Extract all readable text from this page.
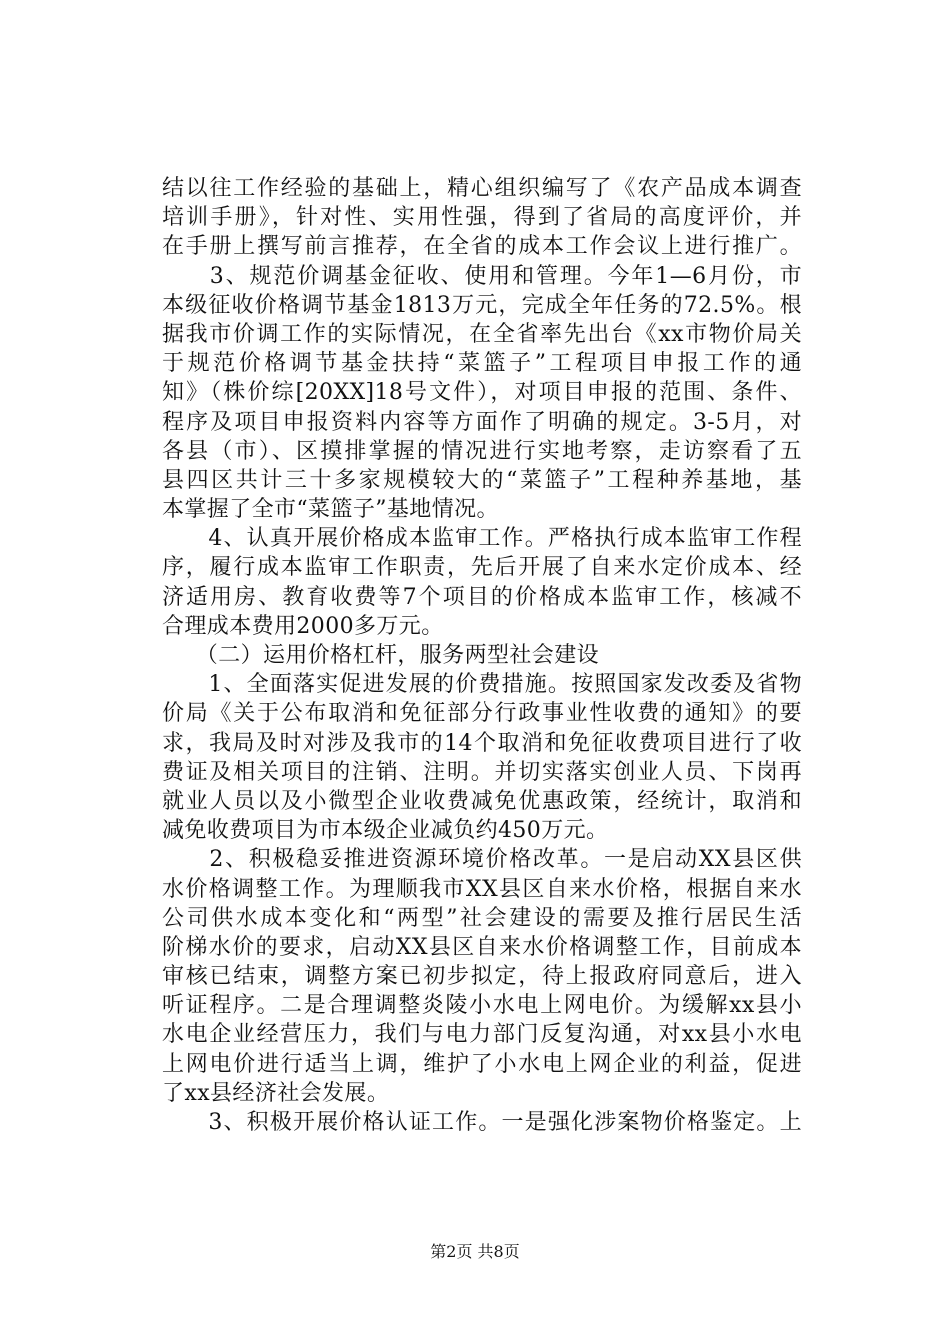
结以往工作经验的基础上，精心组织编写了《农产品成本调查
培训手册》，针对性、实用性强，得到了省局的高度评价，并
在手册上撰写前言推荐，在全省的成本工作会议上进行推广。
　　3、规范价调基金征收、使用和管理。今年1—6月份，市
本级征收价格调节基金1813万元，完成全年任务的72.5%。根
据我市价调工作的实际情况，在全省率先出台《xx市物价局关
于规范价格调节基金扶持“菜篮子”工程项目申报工作的通
知》（株价综[20XX]18号文件），对项目申报的范围、条件、
程序及项目申报资料内容等方面作了明确的规定。3-5月，对
各县（市）、区摸排掌握的情况进行实地考察，走访察看了五
县四区共计三十多家规模较大的“菜篮子”工程种养基地，基
本掌握了全市“菜篮子”基地情况。
　　4、认真开展价格成本监审工作。严格执行成本监审工作程
序，履行成本监审工作职责，先后开展了自来水定价成本、经
济适用房、教育收费等7个项目的价格成本监审工作，核减不
合理成本费用2000多万元。
　　（二）运用价格杠杆，服务两型社会建设
　　1、全面落实促进发展的价费措施。按照国家发改委及省物
价局《关于公布取消和免征部分行政事业性收费的通知》的要
求，我局及时对涉及我市的14个取消和免征收费项目进行了收
费证及相关项目的注销、注明。并切实落实创业人员、下岗再
就业人员以及小微型企业收费减免优惠政策，经统计，取消和
减免收费项目为市本级企业减负约450万元。
　　2、积极稳妥推进资源环境价格改革。一是启动XX县区供
水价格调整工作。为理顺我市XX县区自来水价格，根据自来水
公司供水成本变化和“两型”社会建设的需要及推行居民生活
阶梯水价的要求，启动XX县区自来水价格调整工作，目前成本
审核已结束，调整方案已初步拟定，待上报政府同意后，进入
听证程序。二是合理调整炎陵小水电上网电价。为缓解xx县小
水电企业经营压力，我们与电力部门反复沟通，对xx县小水电
上网电价进行适当上调，维护了小水电上网企业的利益，促进
了xx县经济社会发展。
　　3、积极开展价格认证工作。一是强化涉案物价格鉴定。上
第2页 共8页
